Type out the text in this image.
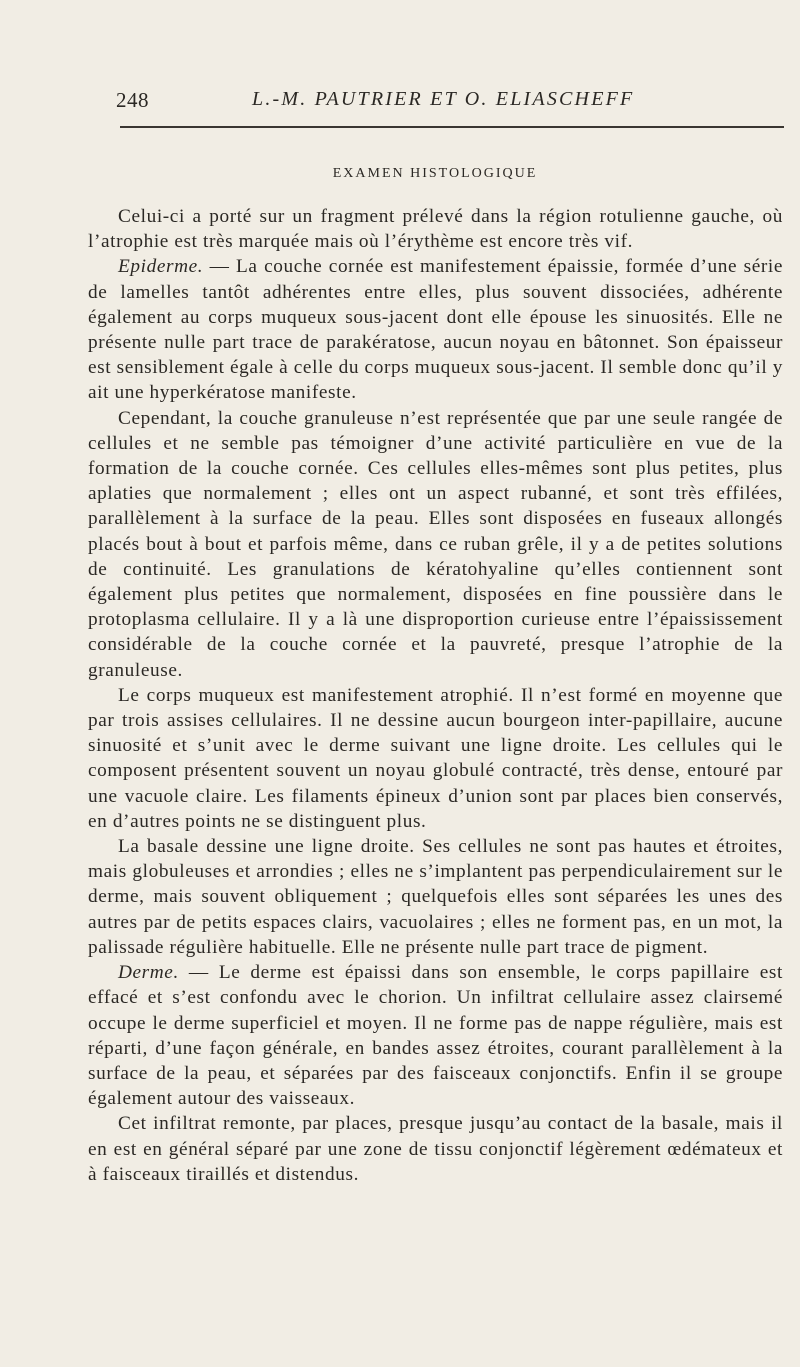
248	L.-M. PAUTRIER ET O. ELIASCHEFF
EXAMEN HISTOLOGIQUE

Celui-ci a porté sur un fragment prélevé dans la région rotulienne gauche, où l’atrophie est très marquée mais où l’érythème est encore très vif.

Epiderme. — La couche cornée est manifestement épaissie, formée d’une série de lamelles tantôt adhérentes entre elles, plus souvent dissociées, adhérente également au corps muqueux sous-jacent dont elle épouse les sinuosités. Elle ne présente nulle part trace de parakératose, aucun noyau en bâtonnet. Son épaisseur est sensiblement égale à celle du corps muqueux sous-jacent. Il semble donc qu’il y ait une hyperkératose manifeste.

Cependant, la couche granuleuse n’est représentée que par une seule rangée de cellules et ne semble pas témoigner d’une activité particulière en vue de la formation de la couche cornée. Ces cellules elles-mêmes sont plus petites, plus aplaties que normalement ; elles ont un aspect rubanné, et sont très effilées, parallèlement à la surface de la peau. Elles sont disposées en fuseaux allongés placés bout à bout et parfois même, dans ce ruban grêle, il y a de petites solutions de continuité. Les granulations de kératohyaline qu’elles contiennent sont également plus petites que normalement, disposées en fine poussière dans le protoplasma cellulaire. Il y a là une disproportion curieuse entre l’épaississement considérable de la couche cornée et la pauvreté, presque l’atrophie de la granuleuse.

Le corps muqueux est manifestement atrophié. Il n’est formé en moyenne que par trois assises cellulaires. Il ne dessine aucun bourgeon inter-papillaire, aucune sinuosité et s’unit avec le derme suivant une ligne droite. Les cellules qui le composent présentent souvent un noyau globulé contracté, très dense, entouré par une vacuole claire. Les filaments épineux d’union sont par places bien conservés, en d’autres points ne se distinguent plus.

La basale dessine une ligne droite. Ses cellules ne sont pas hautes et étroites, mais globuleuses et arrondies ; elles ne s’implantent pas perpendiculairement sur le derme, mais souvent obliquement ; quelquefois elles sont séparées les unes des autres par de petits espaces clairs, vacuolaires ; elles ne forment pas, en un mot, la palissade régulière habituelle. Elle ne présente nulle part trace de pigment.

Derme. — Le derme est épaissi dans son ensemble, le corps papillaire est effacé et s’est confondu avec le chorion. Un infiltrat cellulaire assez clairsemé occupe le derme superficiel et moyen. Il ne forme pas de nappe régulière, mais est réparti, d’une façon générale, en bandes assez étroites, courant parallèlement à la surface de la peau, et séparées par des faisceaux conjonctifs. Enfin il se groupe également autour des vaisseaux.

Cet infiltrat remonte, par places, presque jusqu’au contact de la basale, mais il en est en général séparé par une zone de tissu conjonctif légèrement œdémateux et à faisceaux tiraillés et distendus.
